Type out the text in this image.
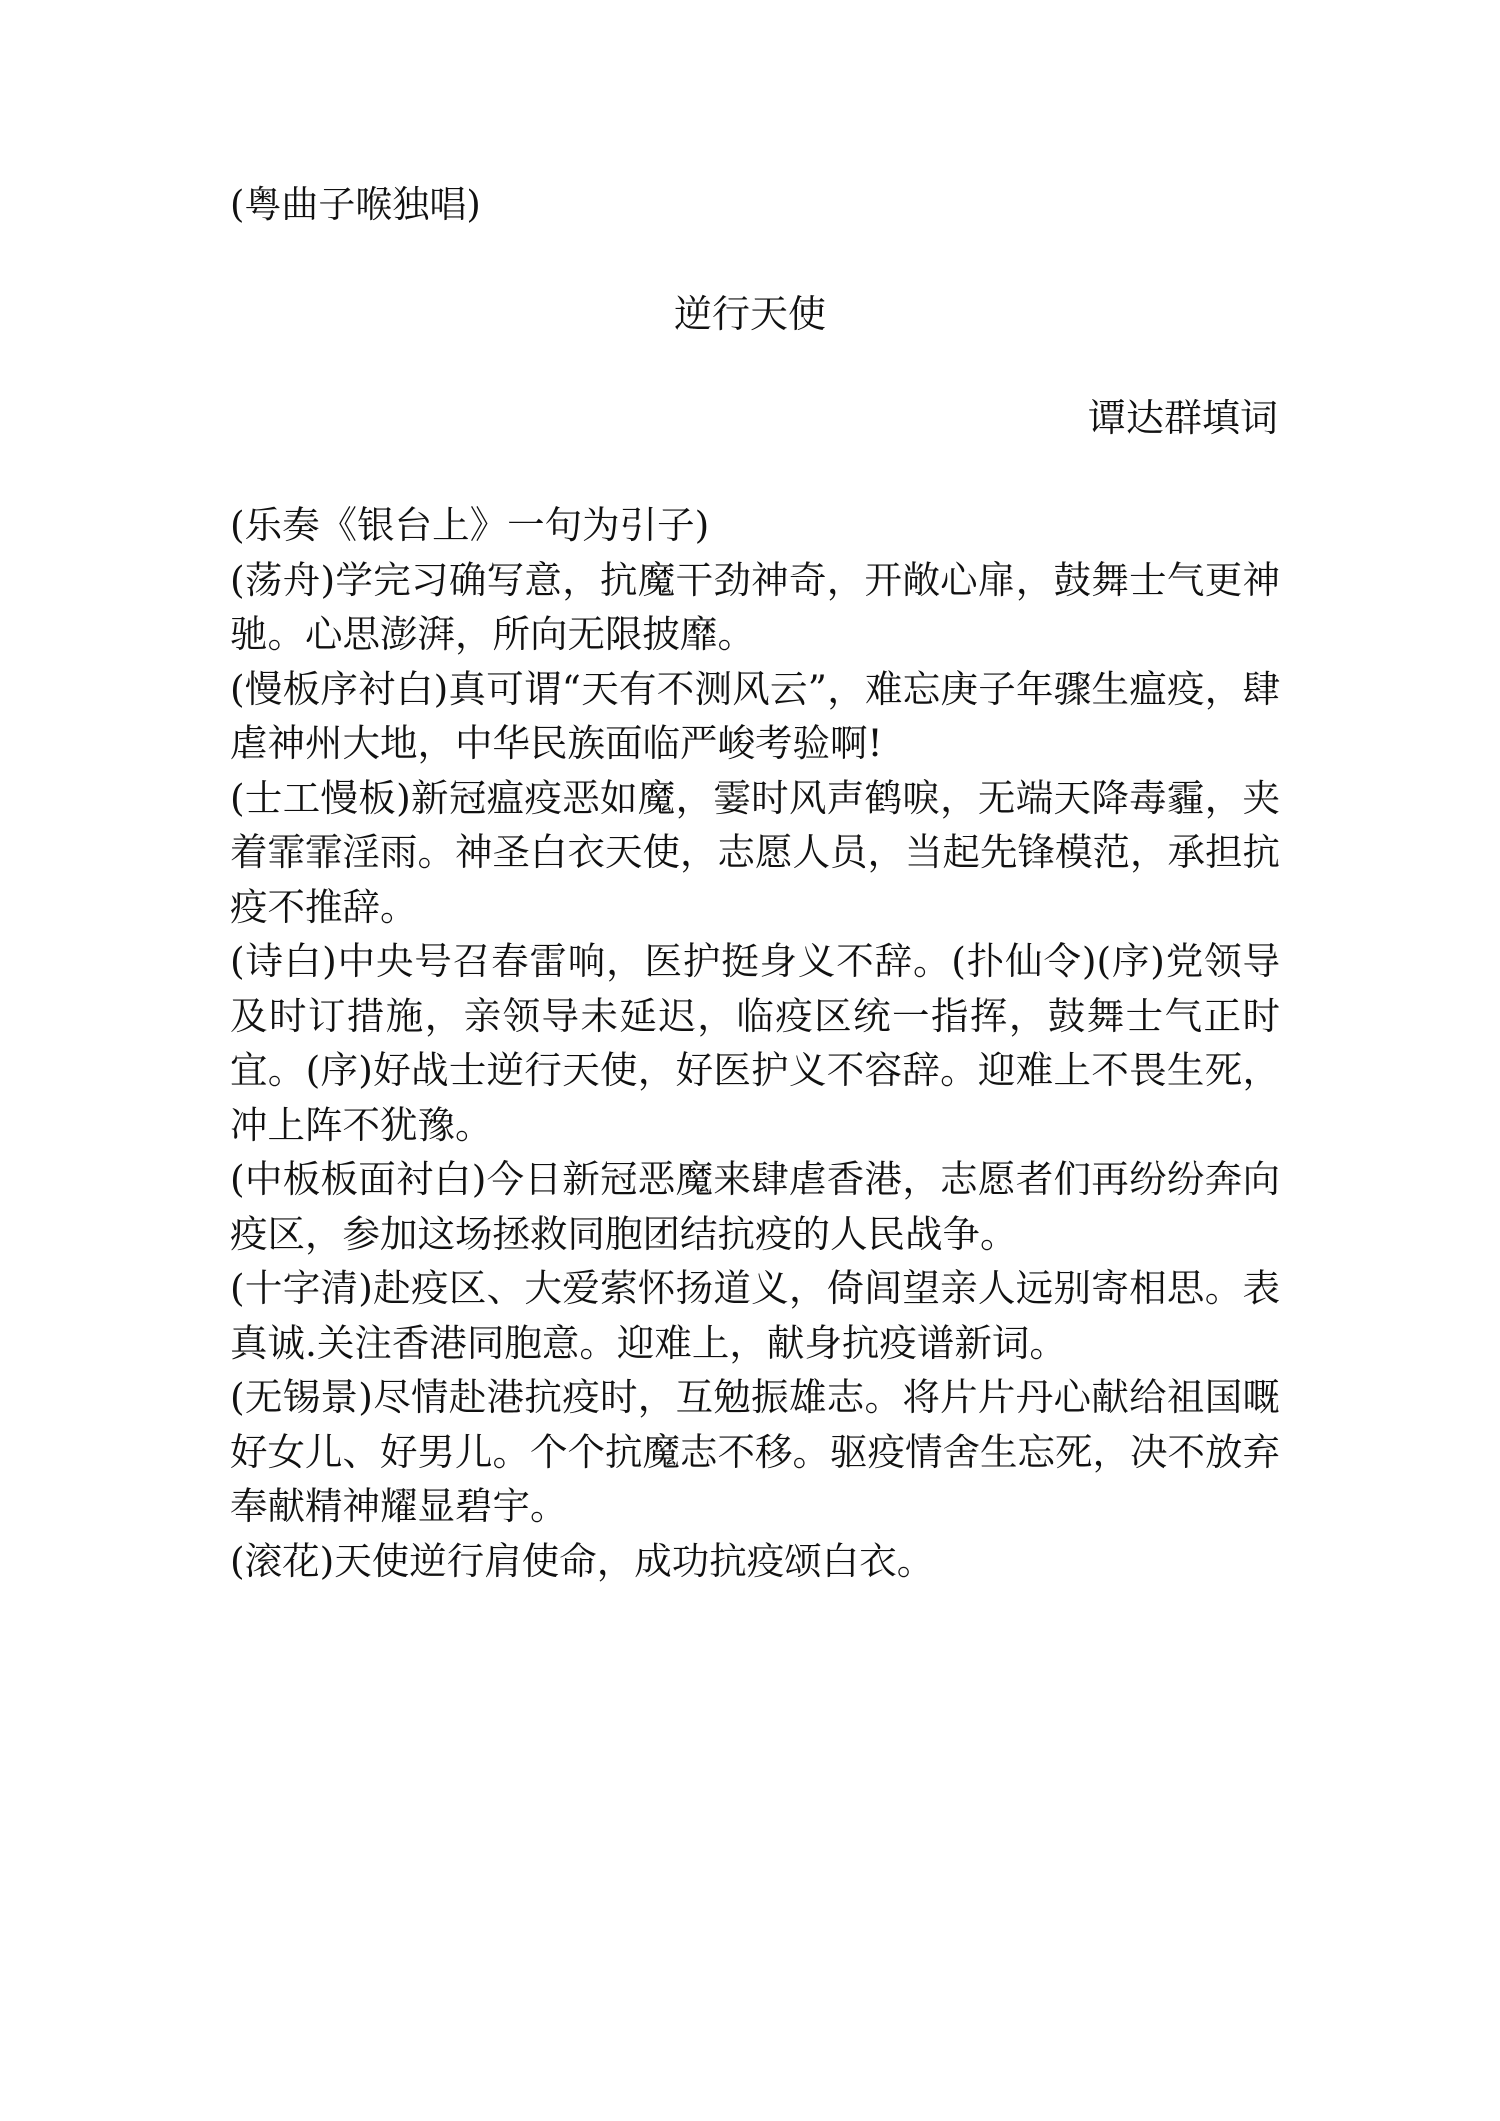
(粤曲子喉独唱)
逆行天使
谭达群填词

(乐奏《银台上》一句为引子)

(荡舟)学完习确写意，抗魔干劲神奇，开敞心扉，鼓舞士气更神驰。心思澎湃，所向无限披靡。

(慢板序衬白)真可谓“天有不测风云”，难忘庚子年骤生瘟疫，肆虐神州大地，中华民族面临严峻考验啊!

(士工慢板)新冠瘟疫恶如魔，霎时风声鹤唳，无端天降毒霾，夹着霏霏淫雨。神圣白衣天使，志愿人员，当起先锋模范，承担抗疫不推辞。

(诗白)中央号召春雷响，医护挺身义不辞。(扑仙令)(序)党领导及时订措施，亲领导未延迟，临疫区统一指挥，鼓舞士气正时宜。(序)好战士逆行天使，好医护义不容辞。迎难上不畏生死，冲上阵不犹豫。

(中板板面衬白)今日新冠恶魔来肆虐香港，志愿者们再纷纷奔向疫区，参加这场拯救同胞团结抗疫的人民战争。

(十字清)赴疫区、大爱萦怀扬道义，倚闾望亲人远别寄相思。表真诚.关注香港同胞意。迎难上，献身抗疫谱新词。

(无锡景)尽情赴港抗疫时，互勉振雄志。将片片丹心献给祖国嘅好女儿、好男儿。个个抗魔志不移。驱疫情舍生忘死，决不放弃奉献精神耀显碧宇。

(滚花)天使逆行肩使命，成功抗疫颂白衣。
